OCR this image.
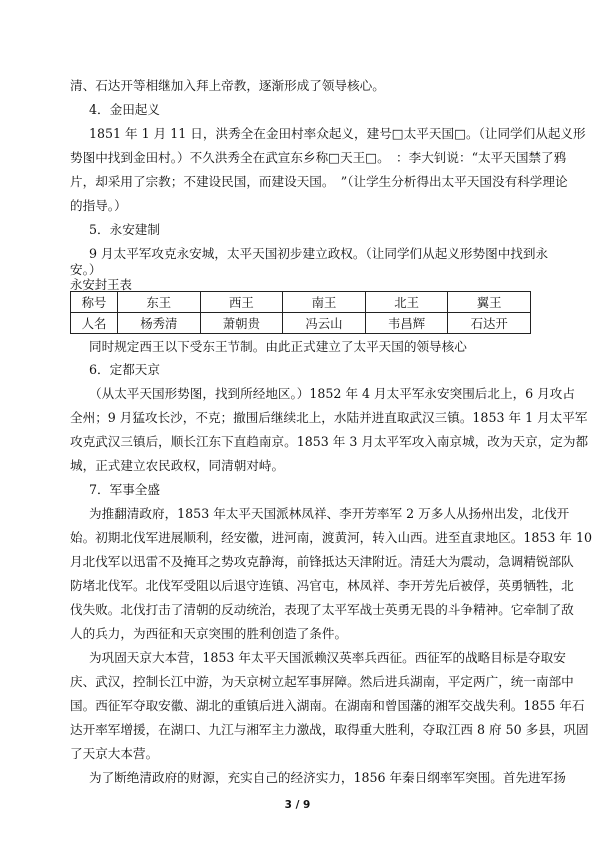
清、石达开等相继加入拜上帝教，逐渐形成了领导核心。
4．金田起义
1851 年 1 月 11 日，洪秀全在金田村率众起义，建号□太平天国□。（让同学们从起义形
势图中找到金田村。）不久洪秀全在武宣东乡称□天王□。　：李大钊说：“太平天国禁了鸦
片，却采用了宗教；不建设民国，而建设天国。　”（让学生分析得出太平天国没有科学理论
的指导。）
5．永安建制
9 月太平军攻克永安城，太平天国初步建立政权。（让同学们从起义形势图中找到永
安。）
永安封王表
称号	东王	西王	南王	北王	翼王
人名	杨秀清	萧朝贵	冯云山	韦昌辉	石达开
同时规定西王以下受东王节制。由此正式建立了太平天国的领导核心
6．定都天京
（从太平天国形势图，找到所经地区。）1852 年 4 月太平军永安突围后北上，6 月攻占
全州；9 月猛攻长沙，不克；撤围后继续北上，水陆并进直取武汉三镇。1853 年 1 月太平军
攻克武汉三镇后，顺长江东下直趋南京。1853 年 3 月太平军攻入南京城，改为天京，定为都
城，正式建立农民政权，同清朝对峙。
7．军事全盛
为推翻清政府，1853 年太平天国派林凤祥、李开芳率军 2 万多人从扬州出发，北伐开
始。初期北伐军进展顺利，经安徽，进河南，渡黄河，转入山西。进至直隶地区。1853 年 10
月北伐军以迅雷不及掩耳之势攻克静海，前锋抵达天津附近。清廷大为震动，急调精锐部队
防堵北伐军。北伐军受阻以后退守连镇、冯官屯，林凤祥、李开芳先后被俘，英勇牺牲，北
伐失败。北伐打击了清朝的反动统治，表现了太平军战士英勇无畏的斗争精神。它牵制了敌
人的兵力，为西征和天京突围的胜利创造了条件。
为巩固天京大本营，1853 年太平天国派赖汉英率兵西征。西征军的战略目标是夺取安
庆、武汉，控制长江中游，为天京树立起军事屏障。然后进兵湖南，平定两广，统一南部中
国。西征军夺取安徽、湖北的重镇后进入湖南。在湖南和曾国藩的湘军交战失利。1855 年石
达开率军增援，在湖口、九江与湘军主力激战，取得重大胜利，夺取江西 8 府 50 多县，巩固
了天京大本营。
为了断绝清政府的财源，充实自己的经济实力，1856 年秦日纲率军突围。首先进军扬
3 / 9
